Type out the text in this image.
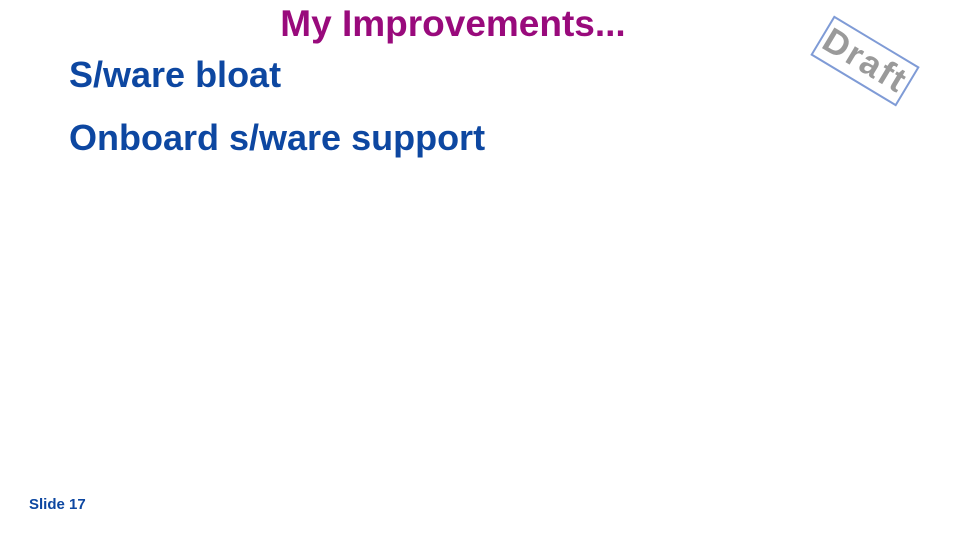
My Improvements...
S/ware bloat
Onboard s/ware support
Draft
Slide 17
